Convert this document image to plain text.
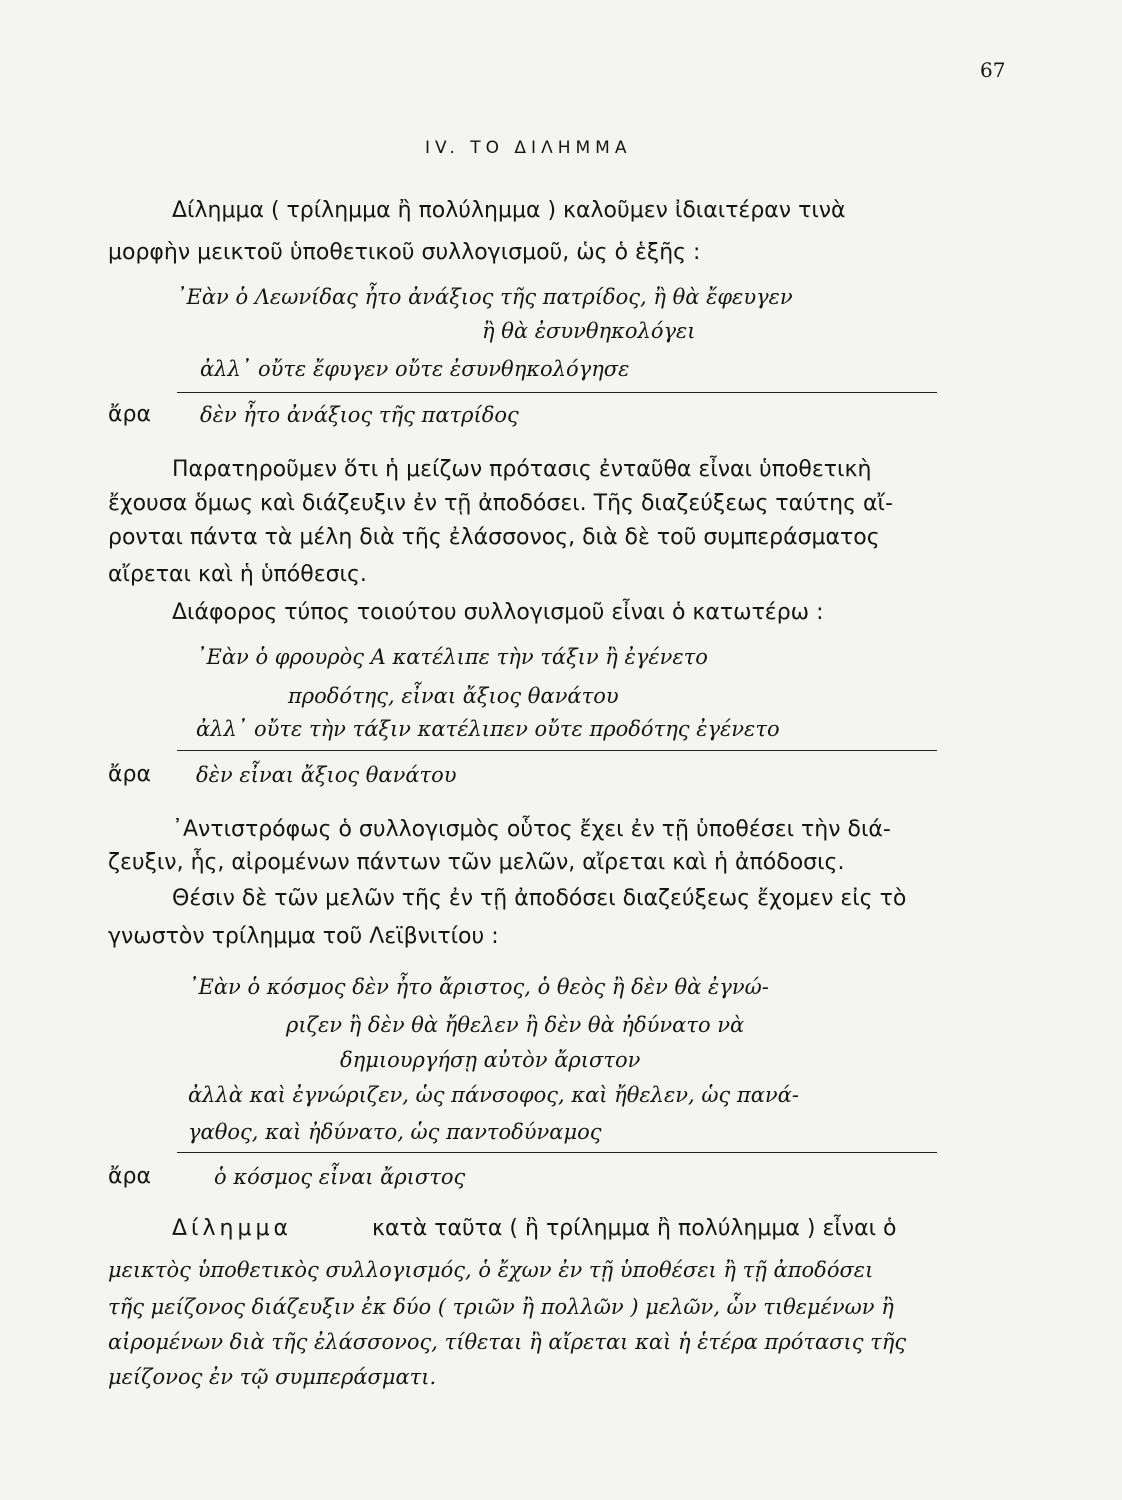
67
IV. ΤΟ ΔΙΛΗΜΜΑ
Δίλημμα ( τρίλημμα ἢ πολύλημμα ) καλοῦμεν ἰδιαιτέραν τινὰ
μορφὴν μεικτοῦ ὑποθετικοῦ συλλογισμοῦ, ὡς ὁ ἑξῆς :
᾿Εὰν ὁ Λεωνίδας ἦτο ἀνάξιος τῆς πατρίδος, ἢ θὰ ἔφευγεν
ἢ θὰ ἐσυνθηκολόγει
ἀλλ᾽ οὔτε ἔφυγεν οὔτε ἐσυνθηκολόγησε
ἄρα δὲν ἦτο ἀνάξιος τῆς πατρίδος
Παρατηροῦμεν ὅτι ἡ μείζων πρότασις ἐνταῦθα εἶναι ὑποθετικὴ
ἔχουσα ὅμως καὶ διάζευξιν ἐν τῇ ἀποδόσει. Τῆς διαζεύξεως ταύτης αἴ-
ρονται πάντα τὰ μέλη διὰ τῆς ἐλάσσονος, διὰ δὲ τοῦ συμπεράσματος
αἴρεται καὶ ἡ ὑπόθεσις.
Διάφορος τύπος τοιούτου συλλογισμοῦ εἶναι ὁ κατωτέρω :
᾿Εὰν ὁ φρουρὸς Α κατέλιπε τὴν τάξιν ἢ ἐγένετο
προδότης, εἶναι ἄξιος θανάτου
ἀλλ᾽ οὔτε τὴν τάξιν κατέλιπεν οὔτε προδότης ἐγένετο
ἄρα δὲν εἶναι ἄξιος θανάτου
᾿Αντιστρόφως ὁ συλλογισμὸς οὗτος ἔχει ἐν τῇ ὑποθέσει τὴν διά-
ζευξιν, ἧς, αἰρομένων πάντων τῶν μελῶν, αἴρεται καὶ ἡ ἀπόδοσις.
Θέσιν δὲ τῶν μελῶν τῆς ἐν τῇ ἀποδόσει διαζεύξεως ἔχομεν εἰς τὸ
γνωστὸν τρίλημμα τοῦ Λεϊβνιτίου :
᾿Εὰν ὁ κόσμος δὲν ἦτο ἄριστος, ὁ θεὸς ἢ δὲν θὰ ἐγνώ-
ριζεν ἢ δὲν θὰ ἤθελεν ἢ δὲν θὰ ἠδύνατο νὰ
δημιουργήσῃ αὐτὸν ἄριστον
ἀλλὰ καὶ ἐγνώριζεν, ὡς πάνσοφος, καὶ ἤθελεν, ὡς πανά-
γαθος, καὶ ἠδύνατο, ὡς παντοδύναμος
ἄρα	ὁ κόσμος εἶναι ἄριστος
Δίλημμα	κατὰ ταῦτα ( ἢ τρίλημμα ἢ πολύλημμα ) εἶναι ὁ
μεικτὸς ὑποθετικὸς συλλογισμός, ὁ ἔχων ἐν τῇ ὑποθέσει ἢ τῇ ἀποδόσει
τῆς μείζονος διάζευξιν ἐκ δύο ( τριῶν ἢ πολλῶν ) μελῶν, ὧν τιθεμένων ἢ
αἰρομένων διὰ τῆς ἐλάσσονος, τίθεται ἢ αἴρεται καὶ ἡ ἑτέρα πρότασις τῆς
μείζονος ἐν τῷ συμπεράσματι.
